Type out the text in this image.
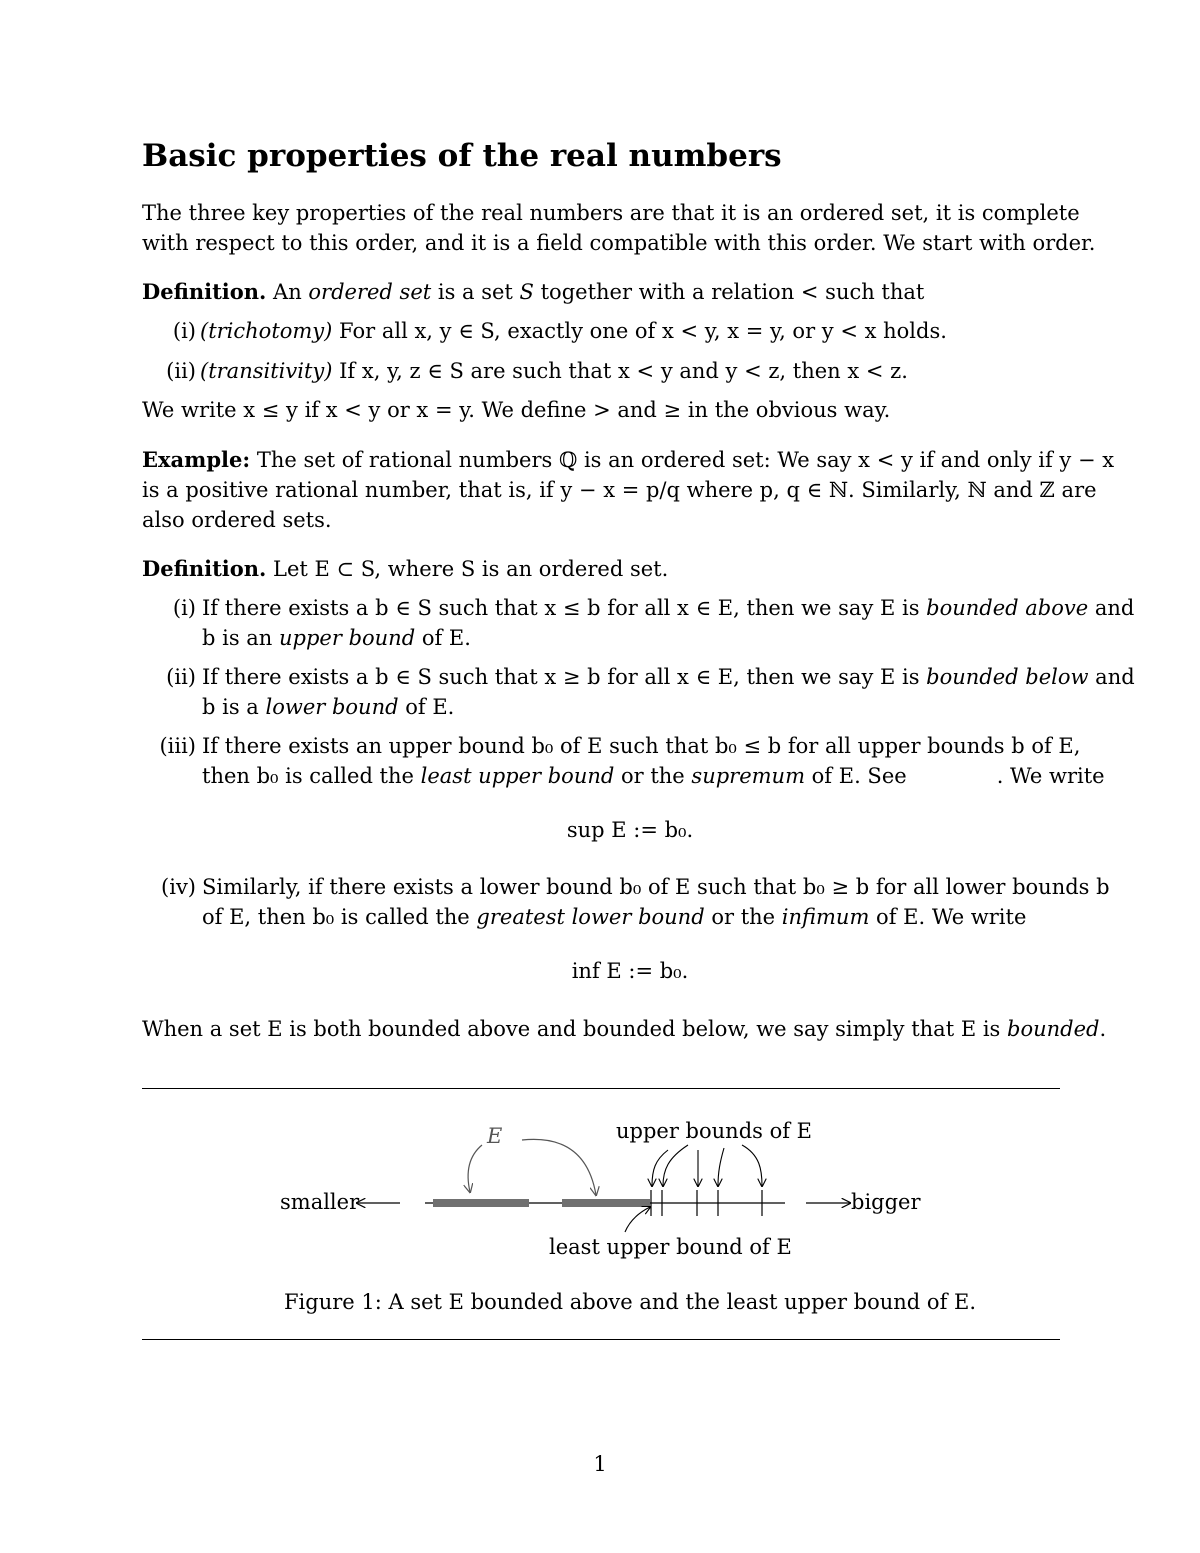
Basic properties of the real numbers
The three key properties of the real numbers are that it is an ordered set, it is complete
with respect to this order, and it is a field compatible with this order. We start with order.
Definition. An ordered set is a set S together with a relation < such that
(i) (trichotomy) For all x, y ∈ S, exactly one of x < y, x = y, or y < x holds.
(ii) (transitivity) If x, y, z ∈ S are such that x < y and y < z, then x < z.
We write x ≤ y if x < y or x = y. We define > and ≥ in the obvious way.
Example: The set of rational numbers ℚ is an ordered set: We say x < y if and only if y − x
is a positive rational number, that is, if y − x = p/q where p, q ∈ ℕ. Similarly, ℕ and ℤ are
also ordered sets.
Definition. Let E ⊂ S, where S is an ordered set.
(i) If there exists a b ∈ S such that x ≤ b for all x ∈ E, then we say E is bounded above and
b is an upper bound of E.
(ii) If there exists a b ∈ S such that x ≥ b for all x ∈ E, then we say E is bounded below and
b is a lower bound of E.
(iii) If there exists an upper bound b₀ of E such that b₀ ≤ b for all upper bounds b of E,
then b₀ is called the least upper bound or the supremum of E. See	. We write
sup E := b₀.
(iv) Similarly, if there exists a lower bound b₀ of E such that b₀ ≥ b for all lower bounds b
of E, then b₀ is called the greatest lower bound or the infimum of E. We write
inf E := b₀.
When a set E is both bounded above and bounded below, we say simply that E is bounded.
E	upper bounds of E
smaller	bigger
least upper bound of E
Figure 1: A set E bounded above and the least upper bound of E.
1
